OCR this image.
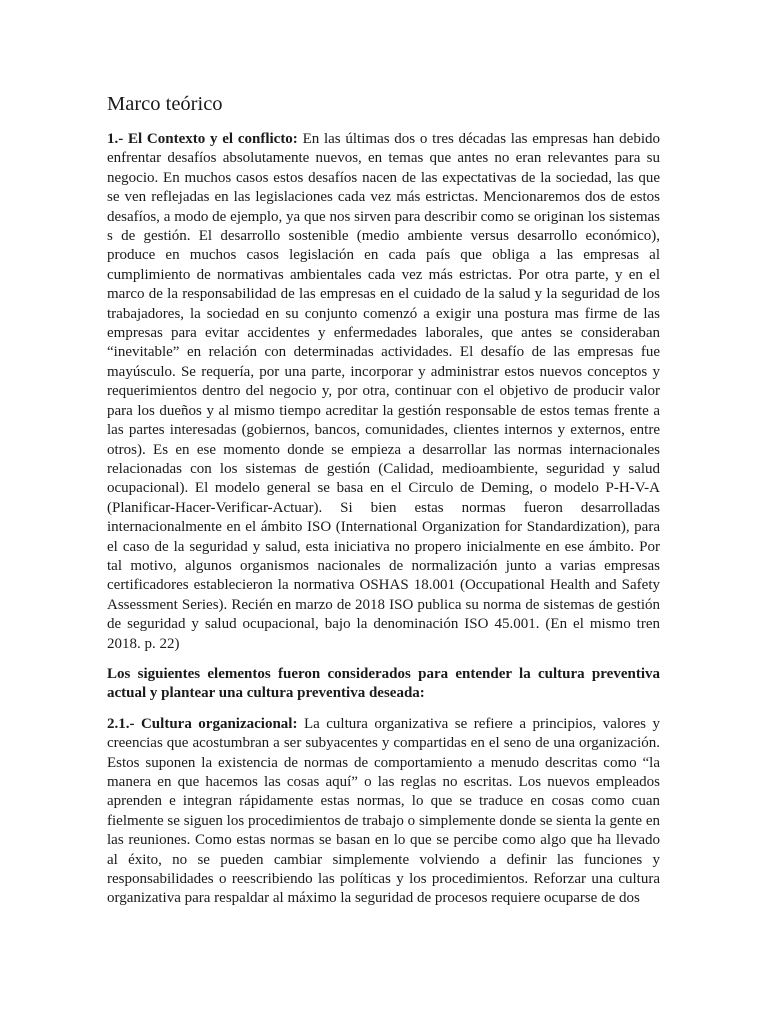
Marco teórico

1.- El Contexto y el conflicto: En las últimas dos o tres décadas las empresas han debido enfrentar desafíos absolutamente nuevos, en temas que antes no eran relevantes para su negocio. En muchos casos estos desafíos nacen de las expectativas de la sociedad, las que se ven reflejadas en las legislaciones cada vez más estrictas. Mencionaremos dos de estos desafíos, a modo de ejemplo, ya que nos sirven para describir como se originan los sistemas s de gestión. El desarrollo sostenible (medio ambiente versus desarrollo económico), produce en muchos casos legislación en cada país que obliga a las empresas al cumplimiento de normativas ambientales cada vez más estrictas. Por otra parte, y en el marco de la responsabilidad de las empresas en el cuidado de la salud y la seguridad de los trabajadores, la sociedad en su conjunto comenzó a exigir una postura mas firme de las empresas para evitar accidentes y enfermedades laborales, que antes se consideraban “inevitable” en relación con determinadas actividades. El desafío de las empresas fue mayúsculo. Se requería, por una parte, incorporar y administrar estos nuevos conceptos y requerimientos dentro del negocio y, por otra, continuar con el objetivo de producir valor para los dueños y al mismo tiempo acreditar la gestión responsable de estos temas frente a las partes interesadas (gobiernos, bancos, comunidades, clientes internos y externos, entre otros). Es en ese momento donde se empieza a desarrollar las normas internacionales relacionadas con los sistemas de gestión (Calidad, medioambiente, seguridad y salud ocupacional). El modelo general se basa en el Circulo de Deming, o modelo P-H-V-A (Planificar-Hacer-Verificar-Actuar). Si bien estas normas fueron desarrolladas internacionalmente en el ámbito ISO (International Organization for Standardization), para el caso de la seguridad y salud, esta iniciativa no propero inicialmente en ese ámbito. Por tal motivo, algunos organismos nacionales de normalización junto a varias empresas certificadores establecieron la normativa OSHAS 18.001 (Occupational Health and Safety Assessment Series). Recién en marzo de 2018 ISO publica su norma de sistemas de gestión de seguridad y salud ocupacional, bajo la denominación ISO 45.001. (En el mismo tren 2018. p. 22)

Los siguientes elementos fueron considerados para entender la cultura preventiva actual y plantear una cultura preventiva deseada:

2.1.- Cultura organizacional: La cultura organizativa se refiere a principios, valores y creencias que acostumbran a ser subyacentes y compartidas en el seno de una organización. Estos suponen la existencia de normas de comportamiento a menudo descritas como “la manera en que hacemos las cosas aquí” o las reglas no escritas. Los nuevos empleados aprenden e integran rápidamente estas normas, lo que se traduce en cosas como cuan fielmente se siguen los procedimientos de trabajo o simplemente donde se sienta la gente en las reuniones. Como estas normas se basan en lo que se percibe como algo que ha llevado al éxito, no se pueden cambiar simplemente volviendo a definir las funciones y responsabilidades o reescribiendo las políticas y los procedimientos. Reforzar una cultura organizativa para respaldar al máximo la seguridad de procesos requiere ocuparse de dos
